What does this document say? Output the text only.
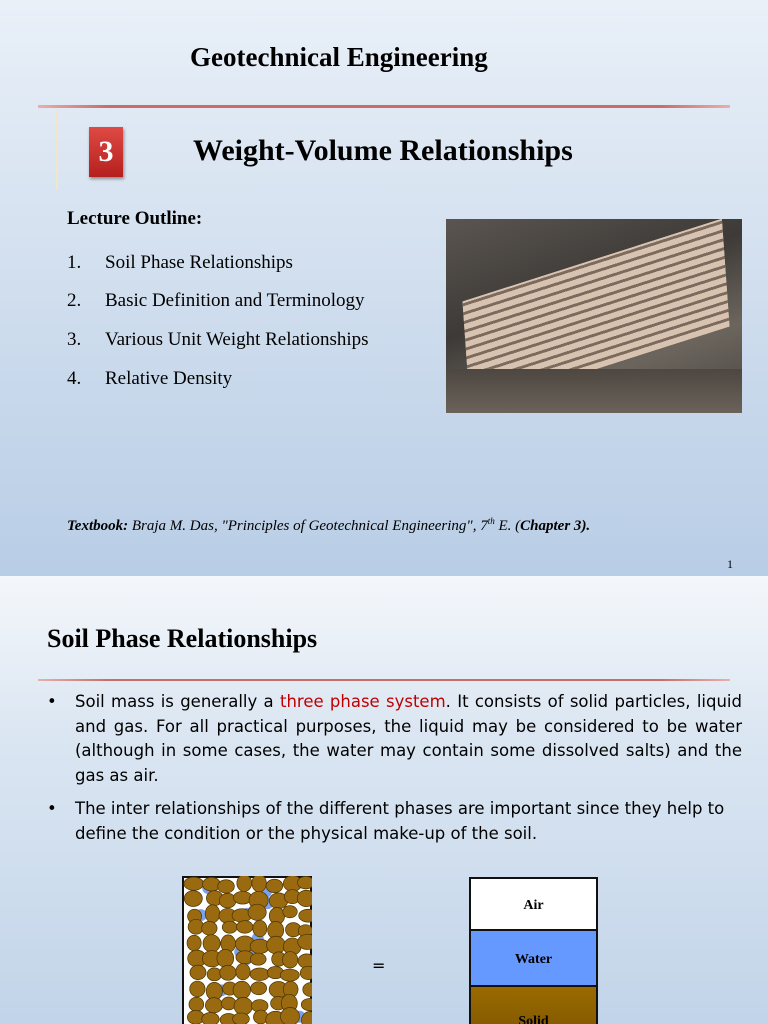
Geotechnical Engineering
3	Weight-Volume Relationships
Lecture Outline:
1. Soil Phase Relationships
2. Basic Definition and Terminology
3. Various Unit Weight Relationships
4. Relative Density
Textbook: Braja M. Das, "Principles of Geotechnical Engineering", 7th E. (Chapter 3).
1
Soil Phase Relationships
• Soil mass is generally a three phase system. It consists of solid particles, liquid and gas. For all practical purposes, the liquid may be considered to be water (although in some cases, the water may contain some dissolved salts) and the gas as air.
• The inter relationships of the different phases are important since they help to define the condition or the physical make-up of the soil.
=
Air
Water
Solid
